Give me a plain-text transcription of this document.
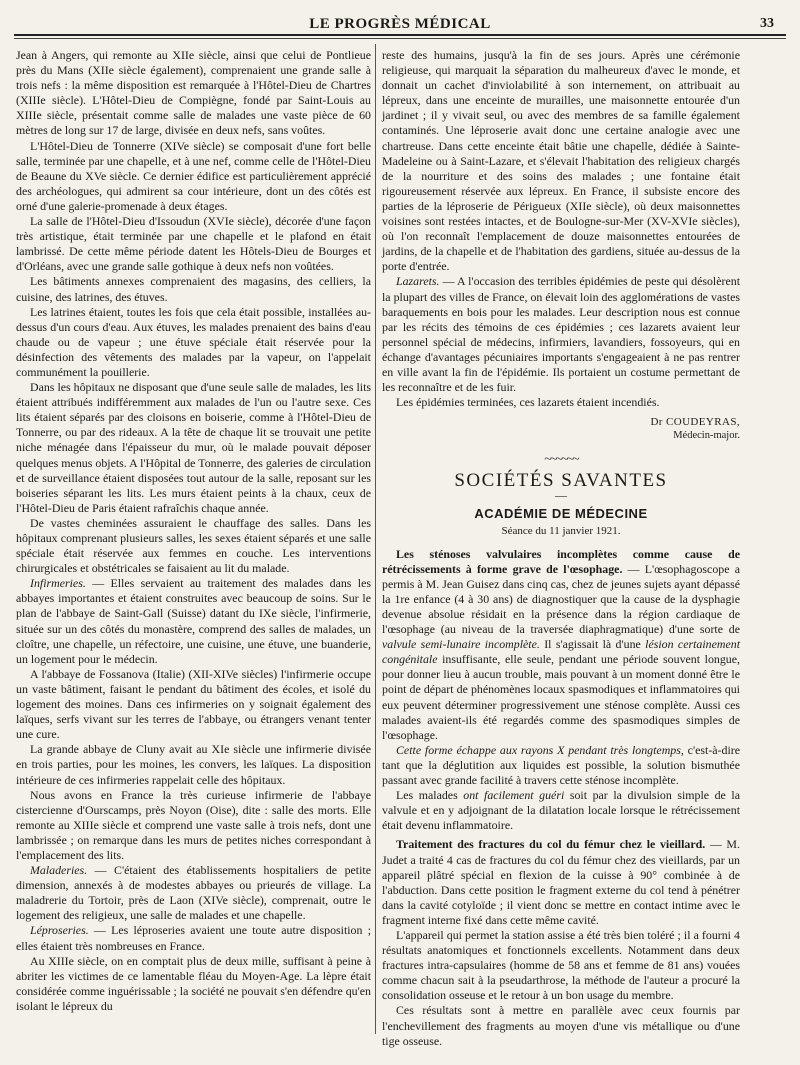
LE PROGRÈS MÉDICAL	33

Jean à Angers, qui remonte au XIIe siècle, ainsi que celui de Pontlieue près du Mans (XIIe siècle également), comprenaient une grande salle à trois nefs : la même disposition est remarquée à l'Hôtel-Dieu de Chartres (XIIIe siècle). L'Hôtel-Dieu de Compiègne, fondé par Saint-Louis au XIIIe siècle, présentait comme salle de malades une vaste pièce de 60 mètres de long sur 17 de large, divisée en deux nefs, sans voûtes.

L'Hôtel-Dieu de Tonnerre (XIVe siècle) se composait d'une fort belle salle, terminée par une chapelle, et à une nef, comme celle de l'Hôtel-Dieu de Beaune du XVe siècle. Ce dernier édifice est particulièrement apprécié des archéologues, qui admirent sa cour intérieure, dont un des côtés est orné d'une galerie-promenade à deux étages.

La salle de l'Hôtel-Dieu d'Issoudun (XVIe siècle), décorée d'une façon très artistique, était terminée par une chapelle et le plafond en était lambrissé. De cette même période datent les Hôtels-Dieu de Bourges et d'Orléans, avec une grande salle gothique à deux nefs non voûtées.

Les bâtiments annexes comprenaient des magasins, des celliers, la cuisine, des latrines, des étuves.

Les latrines étaient, toutes les fois que cela était possible, installées au-dessus d'un cours d'eau. Aux étuves, les malades prenaient des bains d'eau chaude ou de vapeur ; une étuve spéciale était réservée pour la désinfection des vêtements des malades par la vapeur, on l'appelait communément la pouillerie.

Dans les hôpitaux ne disposant que d'une seule salle de malades, les lits étaient attribués indifféremment aux malades de l'un ou l'autre sexe. Ces lits étaient séparés par des cloisons en boiserie, comme à l'Hôtel-Dieu de Tonnerre, ou par des rideaux. A la tête de chaque lit se trouvait une petite niche ménagée dans l'épaisseur du mur, où le malade pouvait déposer quelques menus objets. A l'Hôpital de Tonnerre, des galeries de circulation et de surveillance étaient disposées tout autour de la salle, reposant sur les boiseries séparant les lits. Les murs étaient peints à la chaux, ceux de l'Hôtel-Dieu de Paris étaient rafraîchis chaque année.

De vastes cheminées assuraient le chauffage des salles. Dans les hôpitaux comprenant plusieurs salles, les sexes étaient séparés et une salle spéciale était réservée aux femmes en couche. Les interventions chirurgicales et obstétricales se faisaient au lit du malade.

Infirmeries. — Elles servaient au traitement des malades dans les abbayes importantes et étaient construites avec beaucoup de soins. Sur le plan de l'abbaye de Saint-Gall (Suisse) datant du IXe siècle, l'infirmerie, située sur un des côtés du monastère, comprend des salles de malades, un cloître, une chapelle, un réfectoire, une cuisine, une étuve, une buanderie, un logement pour le médecin.

A l'abbaye de Fossanova (Italie) (XII-XIVe siècles) l'infirmerie occupe un vaste bâtiment, faisant le pendant du bâtiment des écoles, et isolé du logement des moines. Dans ces infirmeries on y soignait également des laïques, serfs vivant sur les terres de l'abbaye, ou étrangers venant tenter une cure.

La grande abbaye de Cluny avait au XIe siècle une infirmerie divisée en trois parties, pour les moines, les convers, les laïques. La disposition intérieure de ces infirmeries rappelait celle des hôpitaux.

Nous avons en France la très curieuse infirmerie de l'abbaye cistercienne d'Ourscamps, près Noyon (Oise), dite : salle des morts. Elle remonte au XIIIe siècle et comprend une vaste salle à trois nefs, dont une lambrissée ; on remarque dans les murs de petites niches correspondant à l'emplacement des lits.

Maladeries. — C'étaient des établissements hospitaliers de petite dimension, annexés à de modestes abbayes ou prieurés de village. La maladrerie du Tortoir, près de Laon (XIVe siècle), comprenait, outre le logement des religieux, une salle de malades et une chapelle.

Léproseries. — Les léproseries avaient une toute autre disposition ; elles étaient très nombreuses en France.

Au XIIIe siècle, on en comptait plus de deux mille, suffisant à peine à abriter les victimes de ce lamentable fléau du Moyen-Age. La lèpre était considérée comme inguérissable ; la société ne pouvait s'en défendre qu'en isolant le lépreux du

reste des humains, jusqu'à la fin de ses jours. Après une cérémonie religieuse, qui marquait la séparation du malheureux d'avec le monde, et donnait un cachet d'inviolabilité à son internement, on attribuait au lépreux, dans une enceinte de murailles, une maisonnette entourée d'un jardinet ; il y vivait seul, ou avec des membres de sa famille également contaminés. Une léproserie avait donc une certaine analogie avec une chartreuse. Dans cette enceinte était bâtie une chapelle, dédiée à Sainte-Madeleine ou à Saint-Lazare, et s'élevait l'habitation des religieux chargés de la nourriture et des soins des malades ; une fontaine était rigoureusement réservée aux lépreux. En France, il subsiste encore des parties de la léproserie de Périgueux (XIIe siècle), où deux maisonnettes voisines sont restées intactes, et de Boulogne-sur-Mer (XV-XVIe siècles), où l'on reconnaît l'emplacement de douze maisonnettes entourées de jardins, de la chapelle et de l'habitation des gardiens, située au-dessus de la porte d'entrée.

Lazarets. — A l'occasion des terribles épidémies de peste qui désolèrent la plupart des villes de France, on élevait loin des agglomérations de vastes baraquements en bois pour les malades. Leur description nous est connue par les récits des témoins de ces épidémies ; ces lazarets avaient leur personnel spécial de médecins, infirmiers, lavandiers, fossoyeurs, qui en échange d'avantages pécuniaires importants s'engageaient à ne pas rentrer en ville avant la fin de l'épidémie. Ils portaient un costume permettant de les reconnaître et de les fuir.

Les épidémies terminées, ces lazarets étaient incendiés.

Dr COUDEYRAS,
Médecin-major.
~~~~~~
SOCIÉTÉS SAVANTES
—
ACADÉMIE DE MÉDECINE
Séance du 11 janvier 1921.

Les sténoses valvulaires incomplètes comme cause de rétrécissements à forme grave de l'œsophage. — L'œsophagoscope a permis à M. Jean Guisez dans cinq cas, chez de jeunes sujets ayant dépassé la 1re enfance (4 à 30 ans) de diagnostiquer que la cause de la dysphagie devenue absolue résidait en la présence dans la région cardiaque de l'œsophage (au niveau de la traversée diaphragmatique) d'une sorte de valvule semi-lunaire incomplète. Il s'agissait là d'une lésion certainement congénitale insuffisante, elle seule, pendant une période souvent longue, pour donner lieu à aucun trouble, mais pouvant à un moment donné être le point de départ de phénomènes locaux spasmodiques et inflammatoires qui eux peuvent déterminer progressivement une sténose complète. Aussi ces malades avaient-ils été regardés comme des spasmodiques simples de l'œsophage.

Cette forme échappe aux rayons X pendant très longtemps, c'est-à-dire tant que la déglutition aux liquides est possible, la solution bismuthée passant avec grande facilité à travers cette sténose incomplète.

Les malades ont facilement guéri soit par la divulsion simple de la valvule et en y adjoignant de la dilatation locale lorsque le rétrécissement était devenu inflammatoire.

Traitement des fractures du col du fémur chez le vieillard. — M. Judet a traité 4 cas de fractures du col du fémur chez des vieillards, par un appareil plâtré spécial en flexion de la cuisse à 90° combinée à de l'abduction. Dans cette position le fragment externe du col tend à pénétrer dans la cavité cotyloïde ; il vient donc se mettre en contact intime avec le fragment interne fixé dans cette même cavité.

L'appareil qui permet la station assise a été très bien toléré ; il a fourni 4 résultats anatomiques et fonctionnels excellents. Notamment dans deux fractures intra-capsulaires (homme de 58 ans et femme de 81 ans) vouées comme chacun sait à la pseudarthrose, la méthode de l'auteur a procuré la consolidation osseuse et le retour à un bon usage du membre.

Ces résultats sont à mettre en parallèle avec ceux fournis par l'enchevillement des fragments au moyen d'une vis métallique ou d'une tige osseuse.
